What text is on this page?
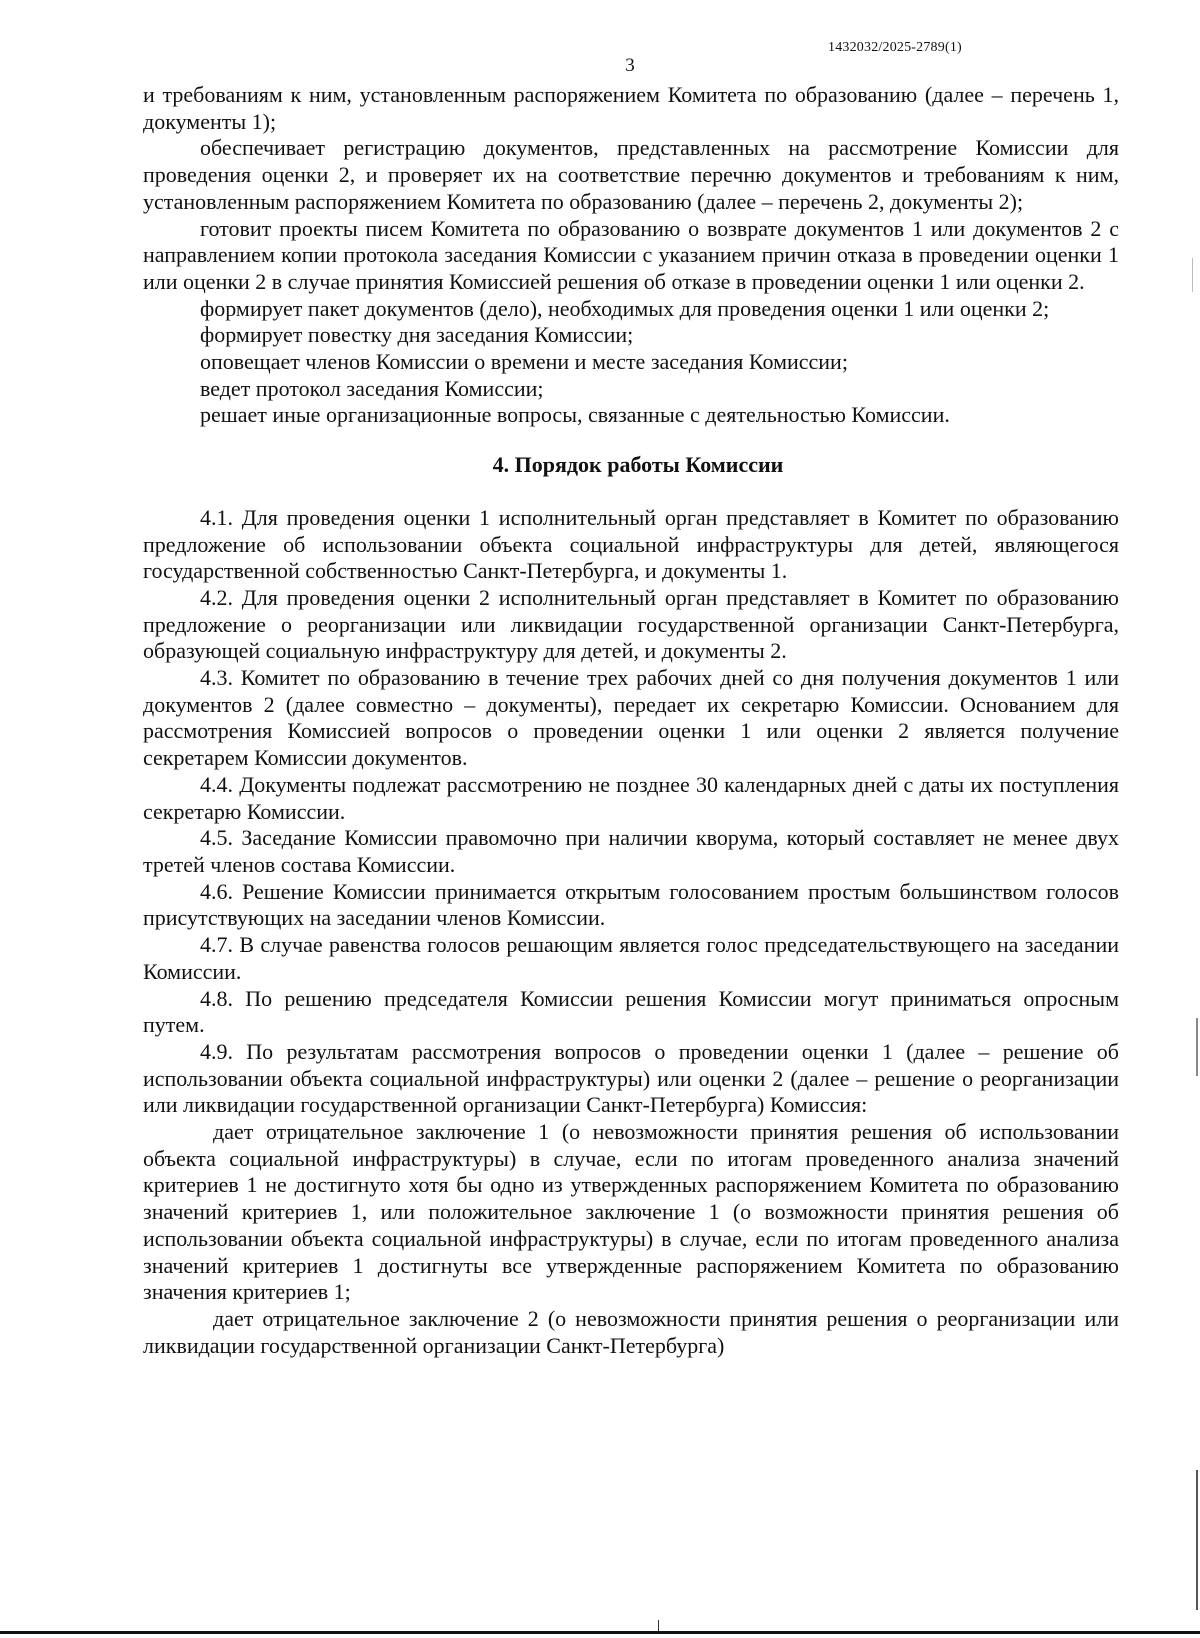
1432032/2025-2789(1)
3

и требованиям к ним, установленным распоряжением Комитета по образованию (далее – перечень 1, документы 1);

обеспечивает регистрацию документов, представленных на рассмотрение Комиссии для проведения оценки 2, и проверяет их на соответствие перечню документов и требованиям к ним, установленным распоряжением Комитета по образованию (далее – перечень 2, документы 2);

готовит проекты писем Комитета по образованию о возврате документов 1 или документов 2 с направлением копии протокола заседания Комиссии с указанием причин отказа в проведении оценки 1 или оценки 2 в случае принятия Комиссией решения об отказе в проведении оценки 1 или оценки 2.

формирует пакет документов (дело), необходимых для проведения оценки 1 или оценки 2;

формирует повестку дня заседания Комиссии;

оповещает членов Комиссии о времени и месте заседания Комиссии;

ведет протокол заседания Комиссии;

решает иные организационные вопросы, связанные с деятельностью Комиссии.

4. Порядок работы Комиссии

4.1. Для проведения оценки 1 исполнительный орган представляет в Комитет по образованию предложение об использовании объекта социальной инфраструктуры для детей, являющегося государственной собственностью Санкт-Петербурга, и документы 1.

4.2. Для проведения оценки 2 исполнительный орган представляет в Комитет по образованию предложение о реорганизации или ликвидации государственной организации Санкт-Петербурга, образующей социальную инфраструктуру для детей, и документы 2.

4.3. Комитет по образованию в течение трех рабочих дней со дня получения документов 1 или документов 2 (далее совместно – документы), передает их секретарю Комиссии. Основанием для рассмотрения Комиссией вопросов о проведении оценки 1 или оценки 2 является получение секретарем Комиссии документов.

4.4. Документы подлежат рассмотрению не позднее 30 календарных дней с даты их поступления секретарю Комиссии.

4.5. Заседание Комиссии правомочно при наличии кворума, который составляет не менее двух третей членов состава Комиссии.

4.6. Решение Комиссии принимается открытым голосованием простым большинством голосов присутствующих на заседании членов Комиссии.

4.7. В случае равенства голосов решающим является голос председательствующего на заседании Комиссии.

4.8. По решению председателя Комиссии решения Комиссии могут приниматься опросным путем.

4.9. По результатам рассмотрения вопросов о проведении оценки 1 (далее – решение об использовании объекта социальной инфраструктуры) или оценки 2 (далее – решение о реорганизации или ликвидации государственной организации Санкт-Петербурга) Комиссия:

дает отрицательное заключение 1 (о невозможности принятия решения об использовании объекта социальной инфраструктуры) в случае, если по итогам проведенного анализа значений критериев 1 не достигнуто хотя бы одно из утвержденных распоряжением Комитета по образованию значений критериев 1, или положительное заключение 1 (о возможности принятия решения об использовании объекта социальной инфраструктуры) в случае, если по итогам проведенного анализа значений критериев 1 достигнуты все утвержденные распоряжением Комитета по образованию значения критериев 1;

дает отрицательное заключение 2 (о невозможности принятия решения о реорганизации или ликвидации государственной организации Санкт-Петербурга)
